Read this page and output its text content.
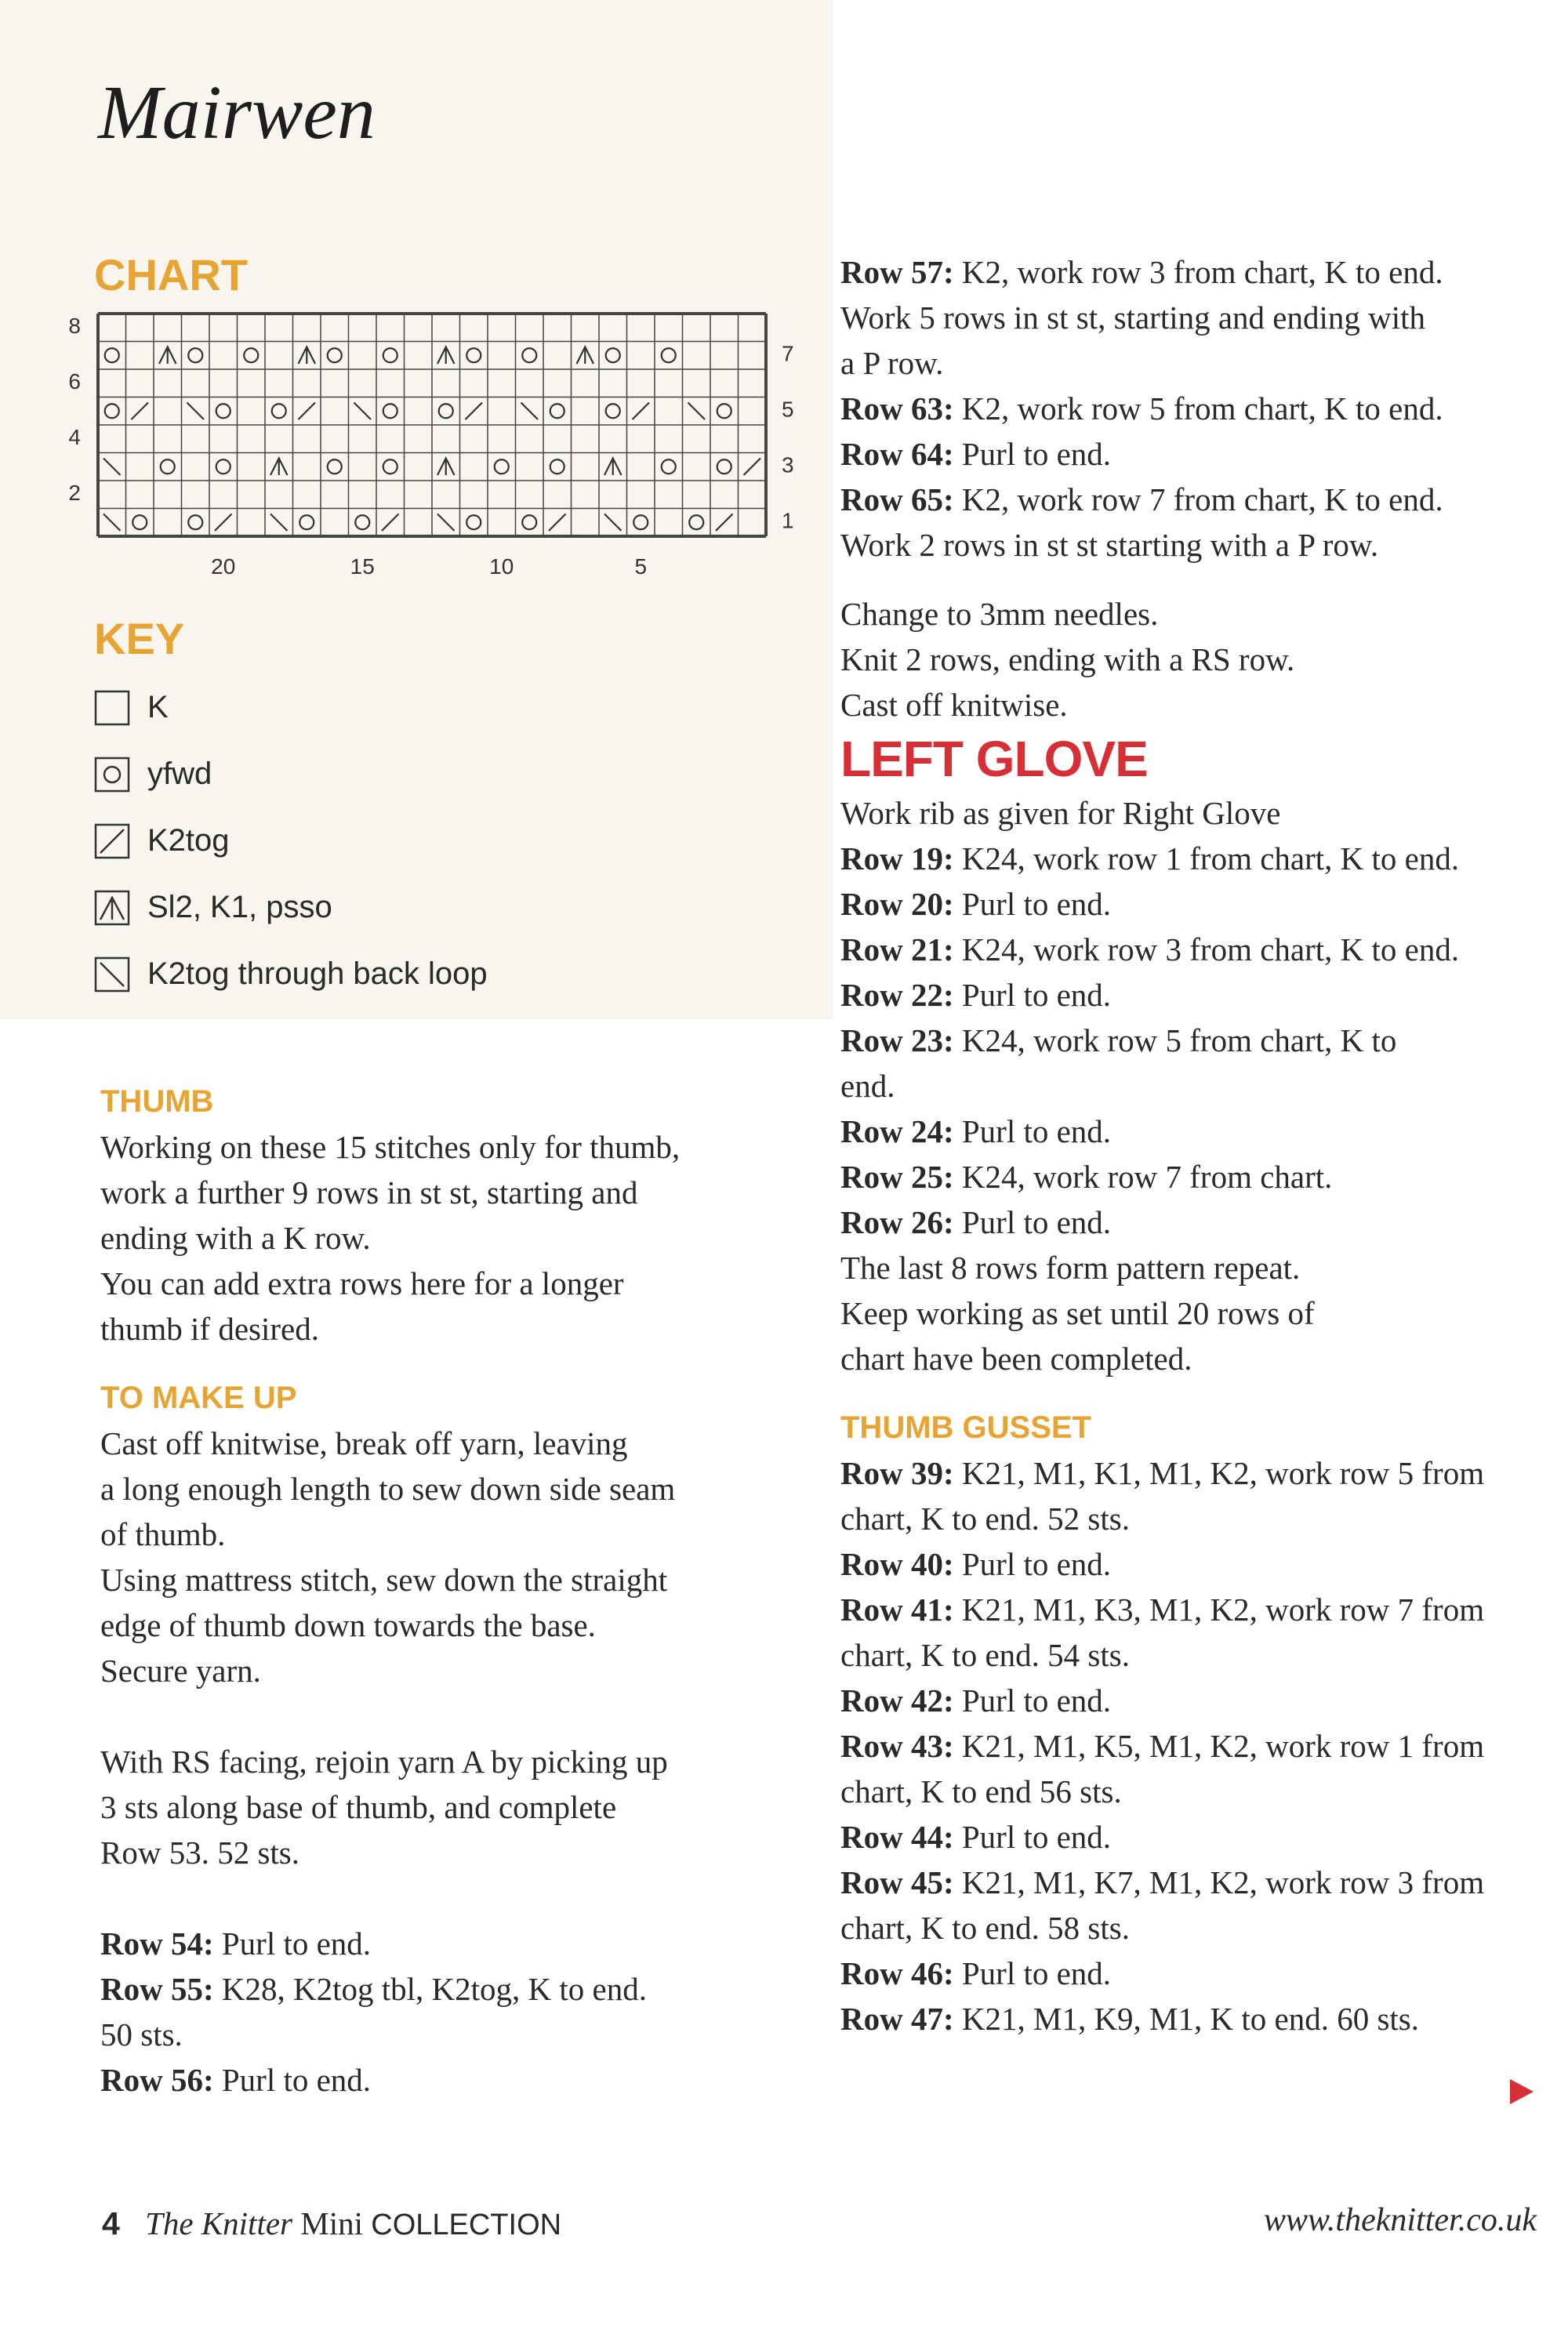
Mairwen
CHART
8
6
4
2
7
5
3
1
20	15	10	5
KEY
K
yfwd
K2tog
Sl2, K1, psso
K2tog through back loop

THUMB

Working on these 15 stitches only for thumb,

work a further 9 rows in st st, starting and

ending with a K row.

You can add extra rows here for a longer

thumb if desired.

TO MAKE UP

Cast off knitwise, break off yarn, leaving

a long enough length to sew down side seam

of thumb.

Using mattress stitch, sew down the straight

edge of thumb down towards the base.

Secure yarn.

With RS facing, rejoin yarn A by picking up

3 sts along base of thumb, and complete

Row 53. 52 sts.

Row 54: Purl to end.

Row 55: K28, K2tog tbl, K2tog, K to end.

50 sts.

Row 56: Purl to end.

Row 57: K2, work row 3 from chart, K to end.

Work 5 rows in st st, starting and ending with

a P row.

Row 63: K2, work row 5 from chart, K to end.

Row 64: Purl to end.

Row 65: K2, work row 7 from chart, K to end.

Work 2 rows in st st starting with a P row.

Change to 3mm needles.

Knit 2 rows, ending with a RS row.

Cast off knitwise.

LEFT GLOVE

Work rib as given for Right Glove

Row 19: K24, work row 1 from chart, K to end.

Row 20: Purl to end.

Row 21: K24, work row 3 from chart, K to end.

Row 22: Purl to end.

Row 23: K24, work row 5 from chart, K to

end.

Row 24: Purl to end.

Row 25: K24, work row 7 from chart.

Row 26: Purl to end.

The last 8 rows form pattern repeat.

Keep working as set until 20 rows of

chart have been completed.

THUMB GUSSET

Row 39: K21, M1, K1, M1, K2, work row 5 from

chart, K to end. 52 sts.

Row 40: Purl to end.

Row 41: K21, M1, K3, M1, K2, work row 7 from

chart, K to end. 54 sts.

Row 42: Purl to end.

Row 43: K21, M1, K5, M1, K2, work row 1 from

chart, K to end 56 sts.

Row 44: Purl to end.

Row 45: K21, M1, K7, M1, K2, work row 3 from

chart, K to end. 58 sts.

Row 46: Purl to end.

Row 47: K21, M1, K9, M1, K to end. 60 sts.

4 The Knitter Mini COLLECTION	www.theknitter.co.uk
